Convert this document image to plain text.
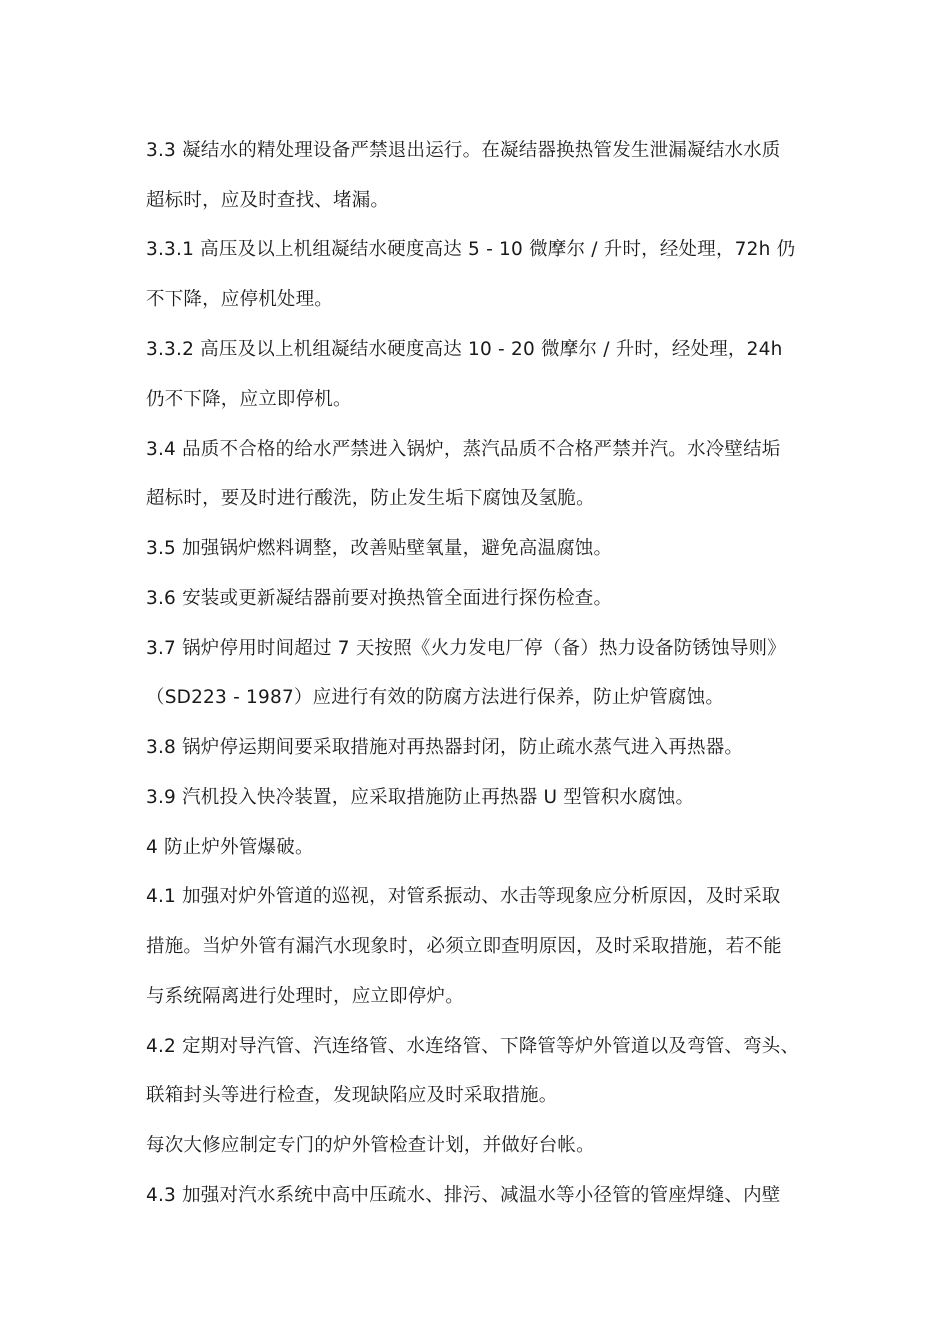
3.3 凝结水的精处理设备严禁退出运行。在凝结器换热管发生泄漏凝结水水质
超标时，应及时查找、堵漏。
3.3.1 高压及以上机组凝结水硬度高达 5 - 10 微摩尔 / 升时，经处理，72h 仍
不下降，应停机处理。
3.3.2 高压及以上机组凝结水硬度高达 10 - 20 微摩尔 / 升时，经处理，24h
仍不下降，应立即停机。
3.4 品质不合格的给水严禁进入锅炉，蒸汽品质不合格严禁并汽。水冷壁结垢
超标时，要及时进行酸洗，防止发生垢下腐蚀及氢脆。
3.5 加强锅炉燃料调整，改善贴壁氧量，避免高温腐蚀。
3.6 安装或更新凝结器前要对换热管全面进行探伤检查。
3.7 锅炉停用时间超过 7 天按照《火力发电厂停（备）热力设备防锈蚀导则》
（SD223 - 1987）应进行有效的防腐方法进行保养，防止炉管腐蚀。
3.8 锅炉停运期间要采取措施对再热器封闭，防止疏水蒸气进入再热器。
3.9 汽机投入快冷装置，应采取措施防止再热器 U 型管积水腐蚀。
4 防止炉外管爆破。
4.1 加强对炉外管道的巡视，对管系振动、水击等现象应分析原因，及时采取
措施。当炉外管有漏汽水现象时，必须立即查明原因，及时采取措施，若不能
与系统隔离进行处理时，应立即停炉。
4.2 定期对导汽管、汽连络管、水连络管、下降管等炉外管道以及弯管、弯头、
联箱封头等进行检查，发现缺陷应及时采取措施。
每次大修应制定专门的炉外管检查计划，并做好台帐。
4.3 加强对汽水系统中高中压疏水、排污、减温水等小径管的管座焊缝、内壁
